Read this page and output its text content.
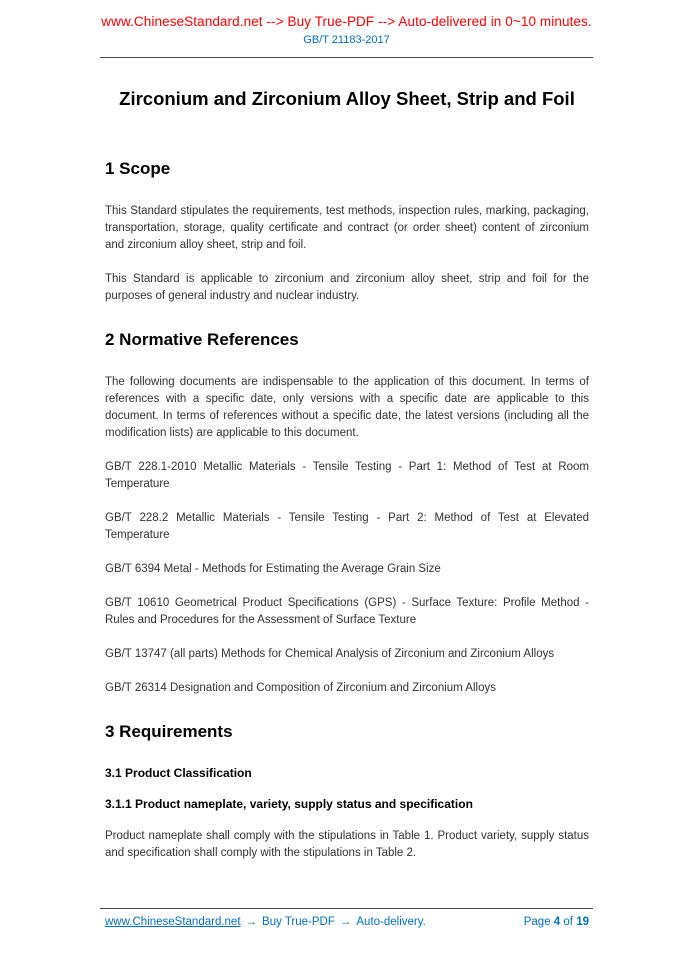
www.ChineseStandard.net --> Buy True-PDF --> Auto-delivered in 0~10 minutes.
GB/T 21183-2017
Zirconium and Zirconium Alloy Sheet, Strip and Foil
1 Scope

This Standard stipulates the requirements, test methods, inspection rules, marking, packaging, transportation, storage, quality certificate and contract (or order sheet) content of zirconium and zirconium alloy sheet, strip and foil.

This Standard is applicable to zirconium and zirconium alloy sheet, strip and foil for the purposes of general industry and nuclear industry.

2 Normative References

The following documents are indispensable to the application of this document. In terms of references with a specific date, only versions with a specific date are applicable to this document. In terms of references without a specific date, the latest versions (including all the modification lists) are applicable to this document.

GB/T 228.1-2010 Metallic Materials - Tensile Testing - Part 1: Method of Test at Room Temperature

GB/T 228.2 Metallic Materials - Tensile Testing - Part 2: Method of Test at Elevated Temperature

GB/T 6394 Metal - Methods for Estimating the Average Grain Size

GB/T 10610 Geometrical Product Specifications (GPS) - Surface Texture: Profile Method - Rules and Procedures for the Assessment of Surface Texture

GB/T 13747 (all parts) Methods for Chemical Analysis of Zirconium and Zirconium Alloys

GB/T 26314 Designation and Composition of Zirconium and Zirconium Alloys

3 Requirements
3.1 Product Classification
3.1.1 Product nameplate, variety, supply status and specification

Product nameplate shall comply with the stipulations in Table 1. Product variety, supply status and specification shall comply with the stipulations in Table 2.

www.ChineseStandard.net → Buy True-PDF → Auto-delivery.	Page 4 of 19
